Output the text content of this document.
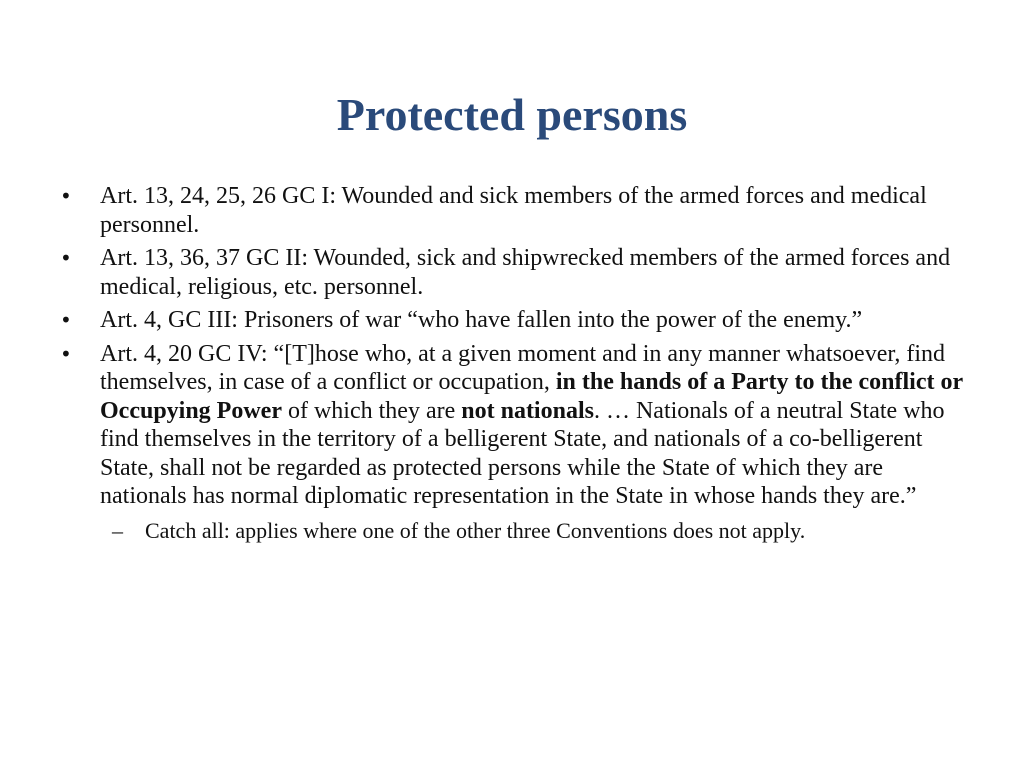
Protected persons
•	Art. 13, 24, 25, 26 GC I: Wounded and sick members of the armed forces and medical personnel.
•	Art. 13, 36, 37 GC II: Wounded, sick and shipwrecked members of the armed forces and medical, religious, etc. personnel.
•	Art. 4, GC III: Prisoners of war “who have fallen into the power of the enemy.”
•	Art. 4, 20 GC IV: “[T]hose who, at a given moment and in any manner whatsoever, find themselves, in case of a conflict or occupation, in the hands of a Party to the conflict or Occupying Power of which they are not nationals. … Nationals of a neutral State who find themselves in the territory of a belligerent State, and nationals of a co-belligerent State, shall not be regarded as protected persons while the State of which they are nationals has normal diplomatic representation in the State in whose hands they are.”
– Catch all: applies where one of the other three Conventions does not apply.
